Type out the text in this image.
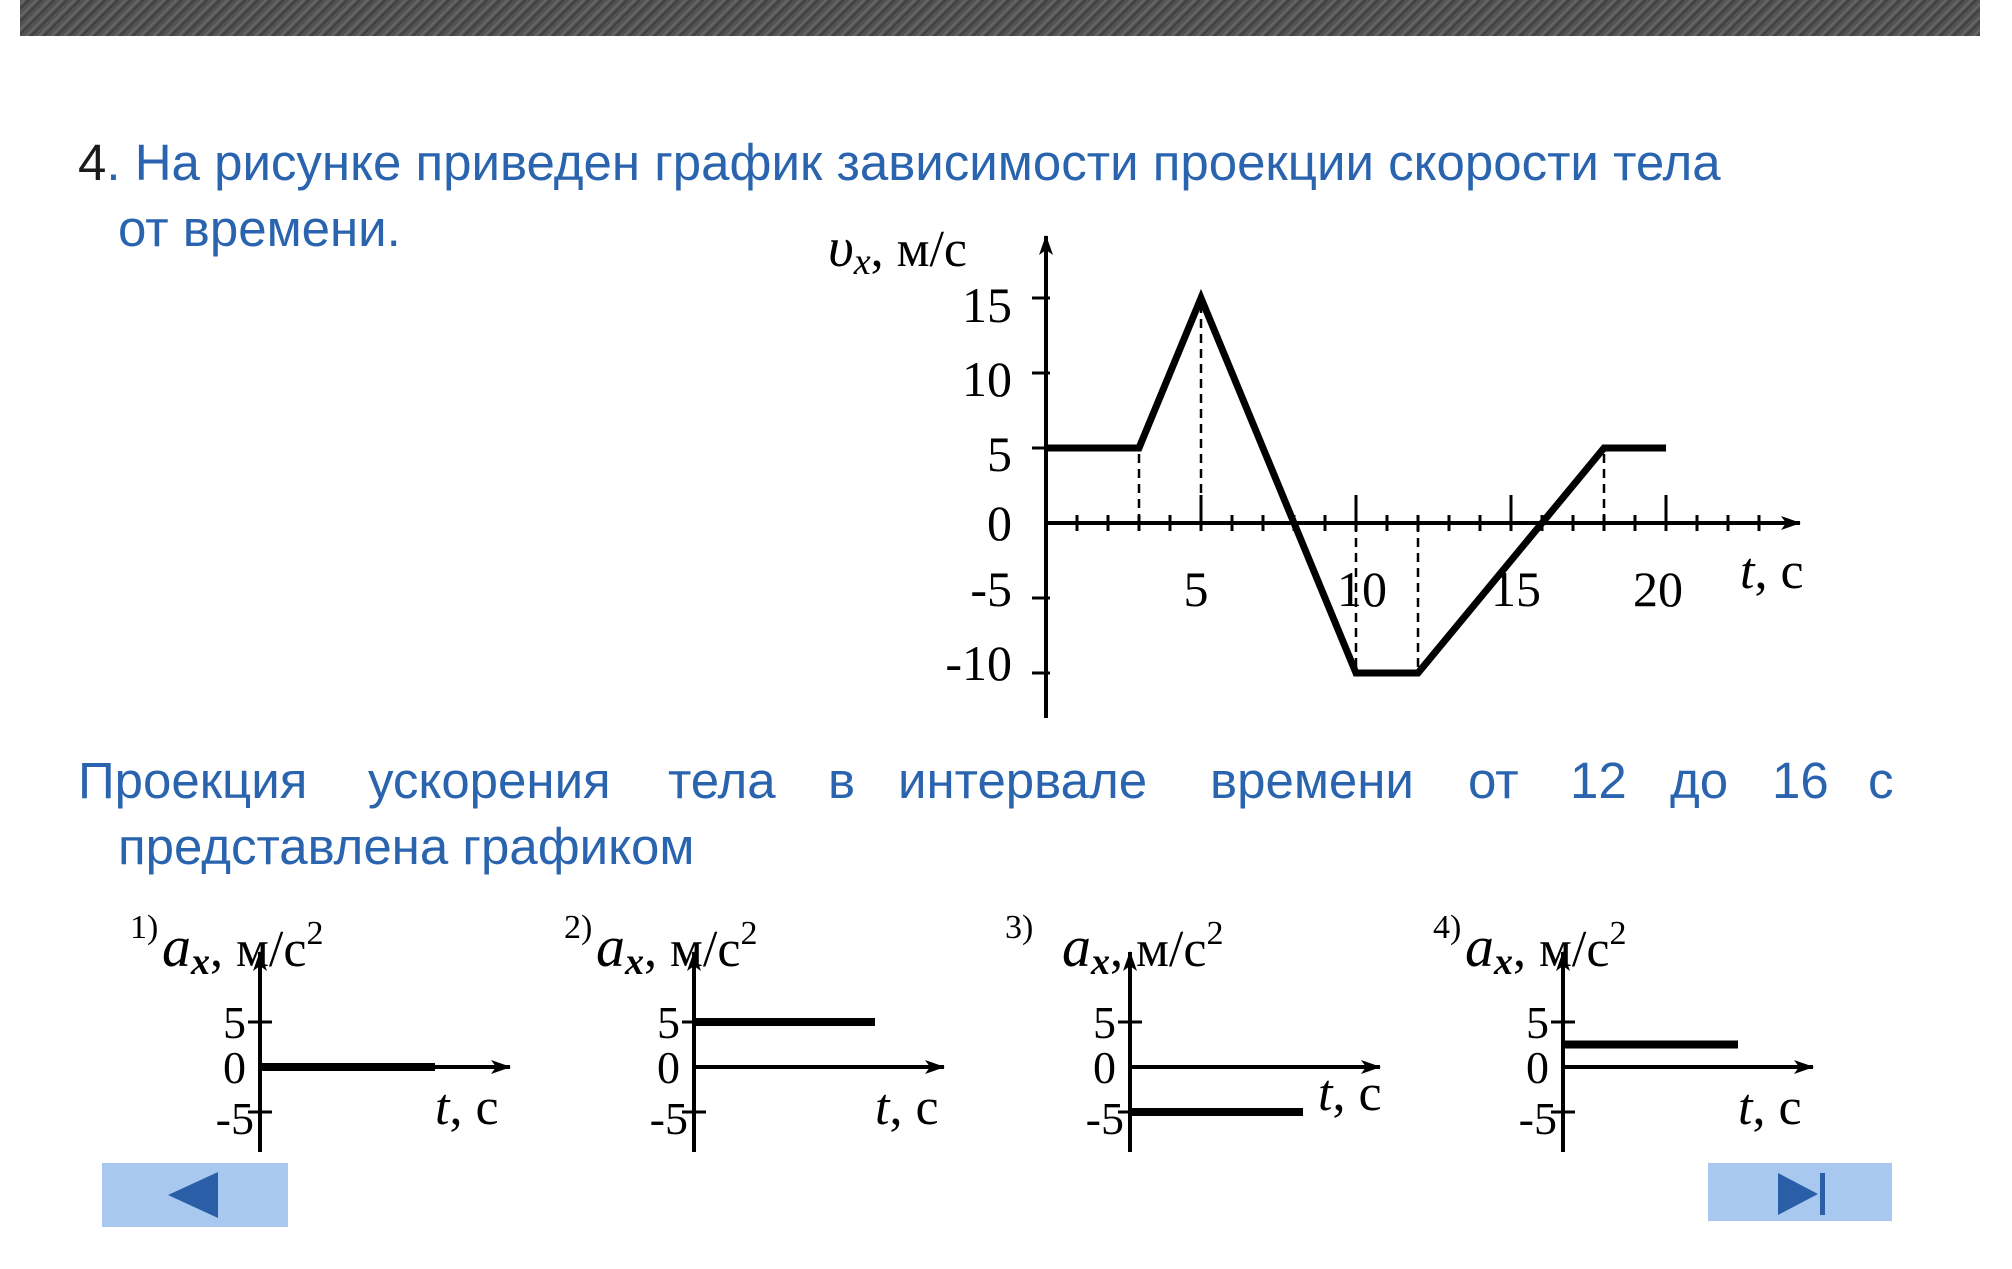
4. На рисунке приведен график зависимости проекции скорости тела
от времени.
15
10
5
0
-5
-10
5	10 15 20
υx, м/с
t, с
Проекция ускорения тела в интервале времени от 12 до 16 с
представлена графиком
1) ax, $м/с^2$
5
0
-5	t, с
2) ax, $м/с^2$
5
0
-5	t, с
3) ax, $м/с^2$
5
0
-5	t, с
4) ax, $м/с^2$
5
0
-5	t, с
